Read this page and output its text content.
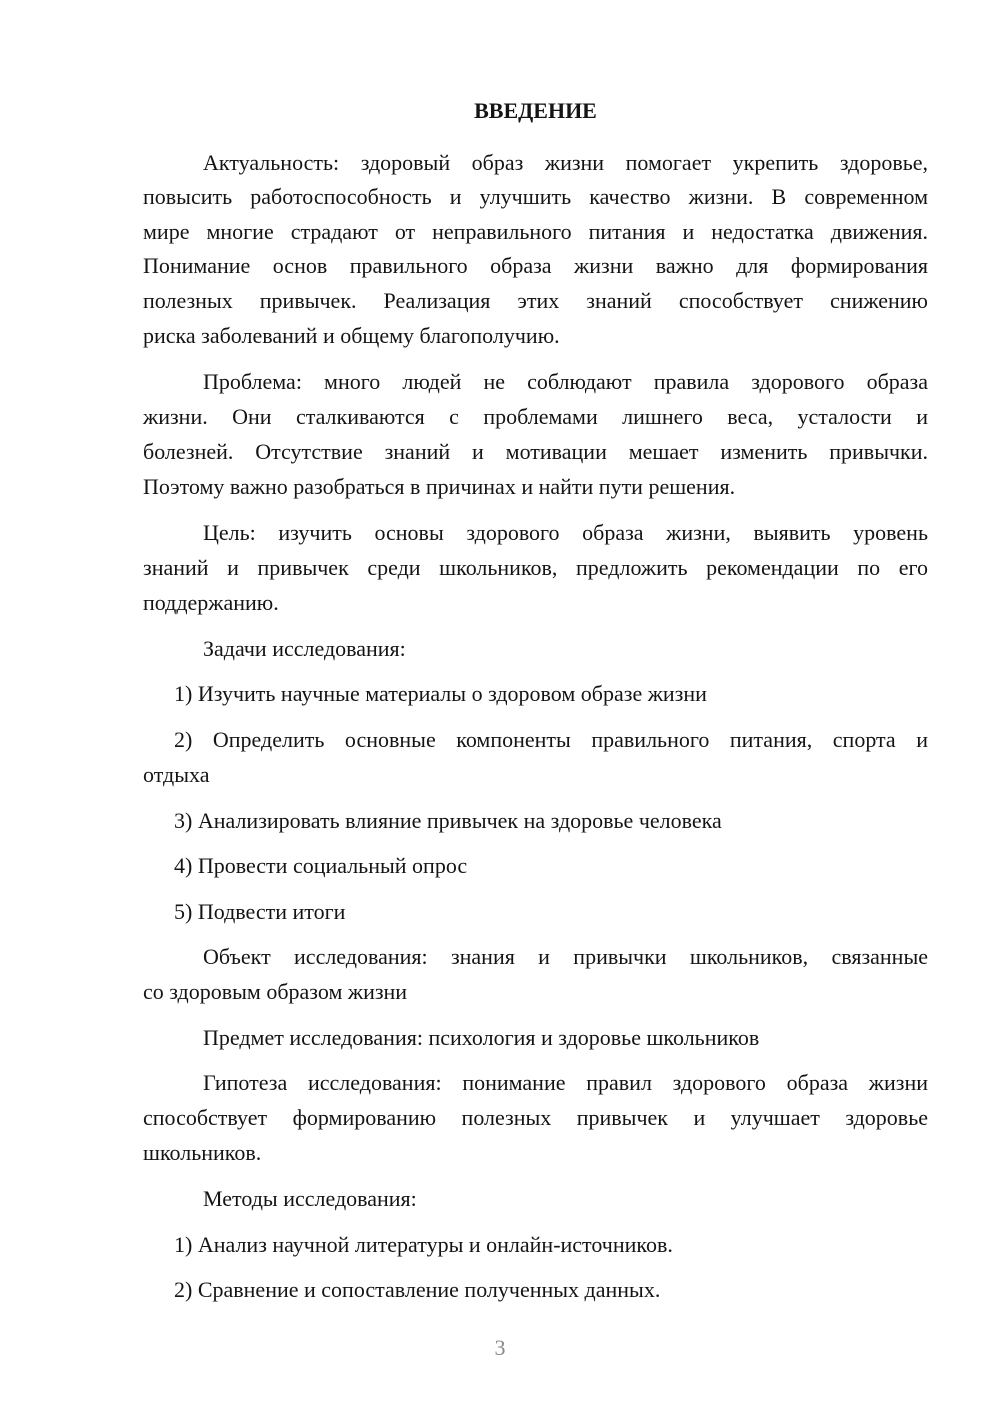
ВВЕДЕНИЕ
Актуальность: здоровый образ жизни помогает укрепить здоровье,
повысить работоспособность и улучшить качество жизни. В современном
мире многие страдают от неправильного питания и недостатка движения.
Понимание основ правильного образа жизни важно для формирования
полезных привычек. Реализация этих знаний способствует снижению
риска заболеваний и общему благополучию.
Проблема: много людей не соблюдают правила здорового образа
жизни. Они сталкиваются с проблемами лишнего веса, усталости и
болезней. Отсутствие знаний и мотивации мешает изменить привычки.
Поэтому важно разобраться в причинах и найти пути решения.
Цель: изучить основы здорового образа жизни, выявить уровень
знаний и привычек среди школьников, предложить рекомендации по его
поддержанию.
Задачи исследования:
1) Изучить научные материалы о здоровом образе жизни
2) Определить основные компоненты правильного питания, спорта и
отдыха
3) Анализировать влияние привычек на здоровье человека
4) Провести социальный опрос
5) Подвести итоги
Объект исследования: знания и привычки школьников, связанные
со здоровым образом жизни
Предмет исследования: психология и здоровье школьников
Гипотеза исследования: понимание правил здорового образа жизни
способствует формированию полезных привычек и улучшает здоровье
школьников.
Методы исследования:
1) Анализ научной литературы и онлайн-источников.
2) Сравнение и сопоставление полученных данных.
3
